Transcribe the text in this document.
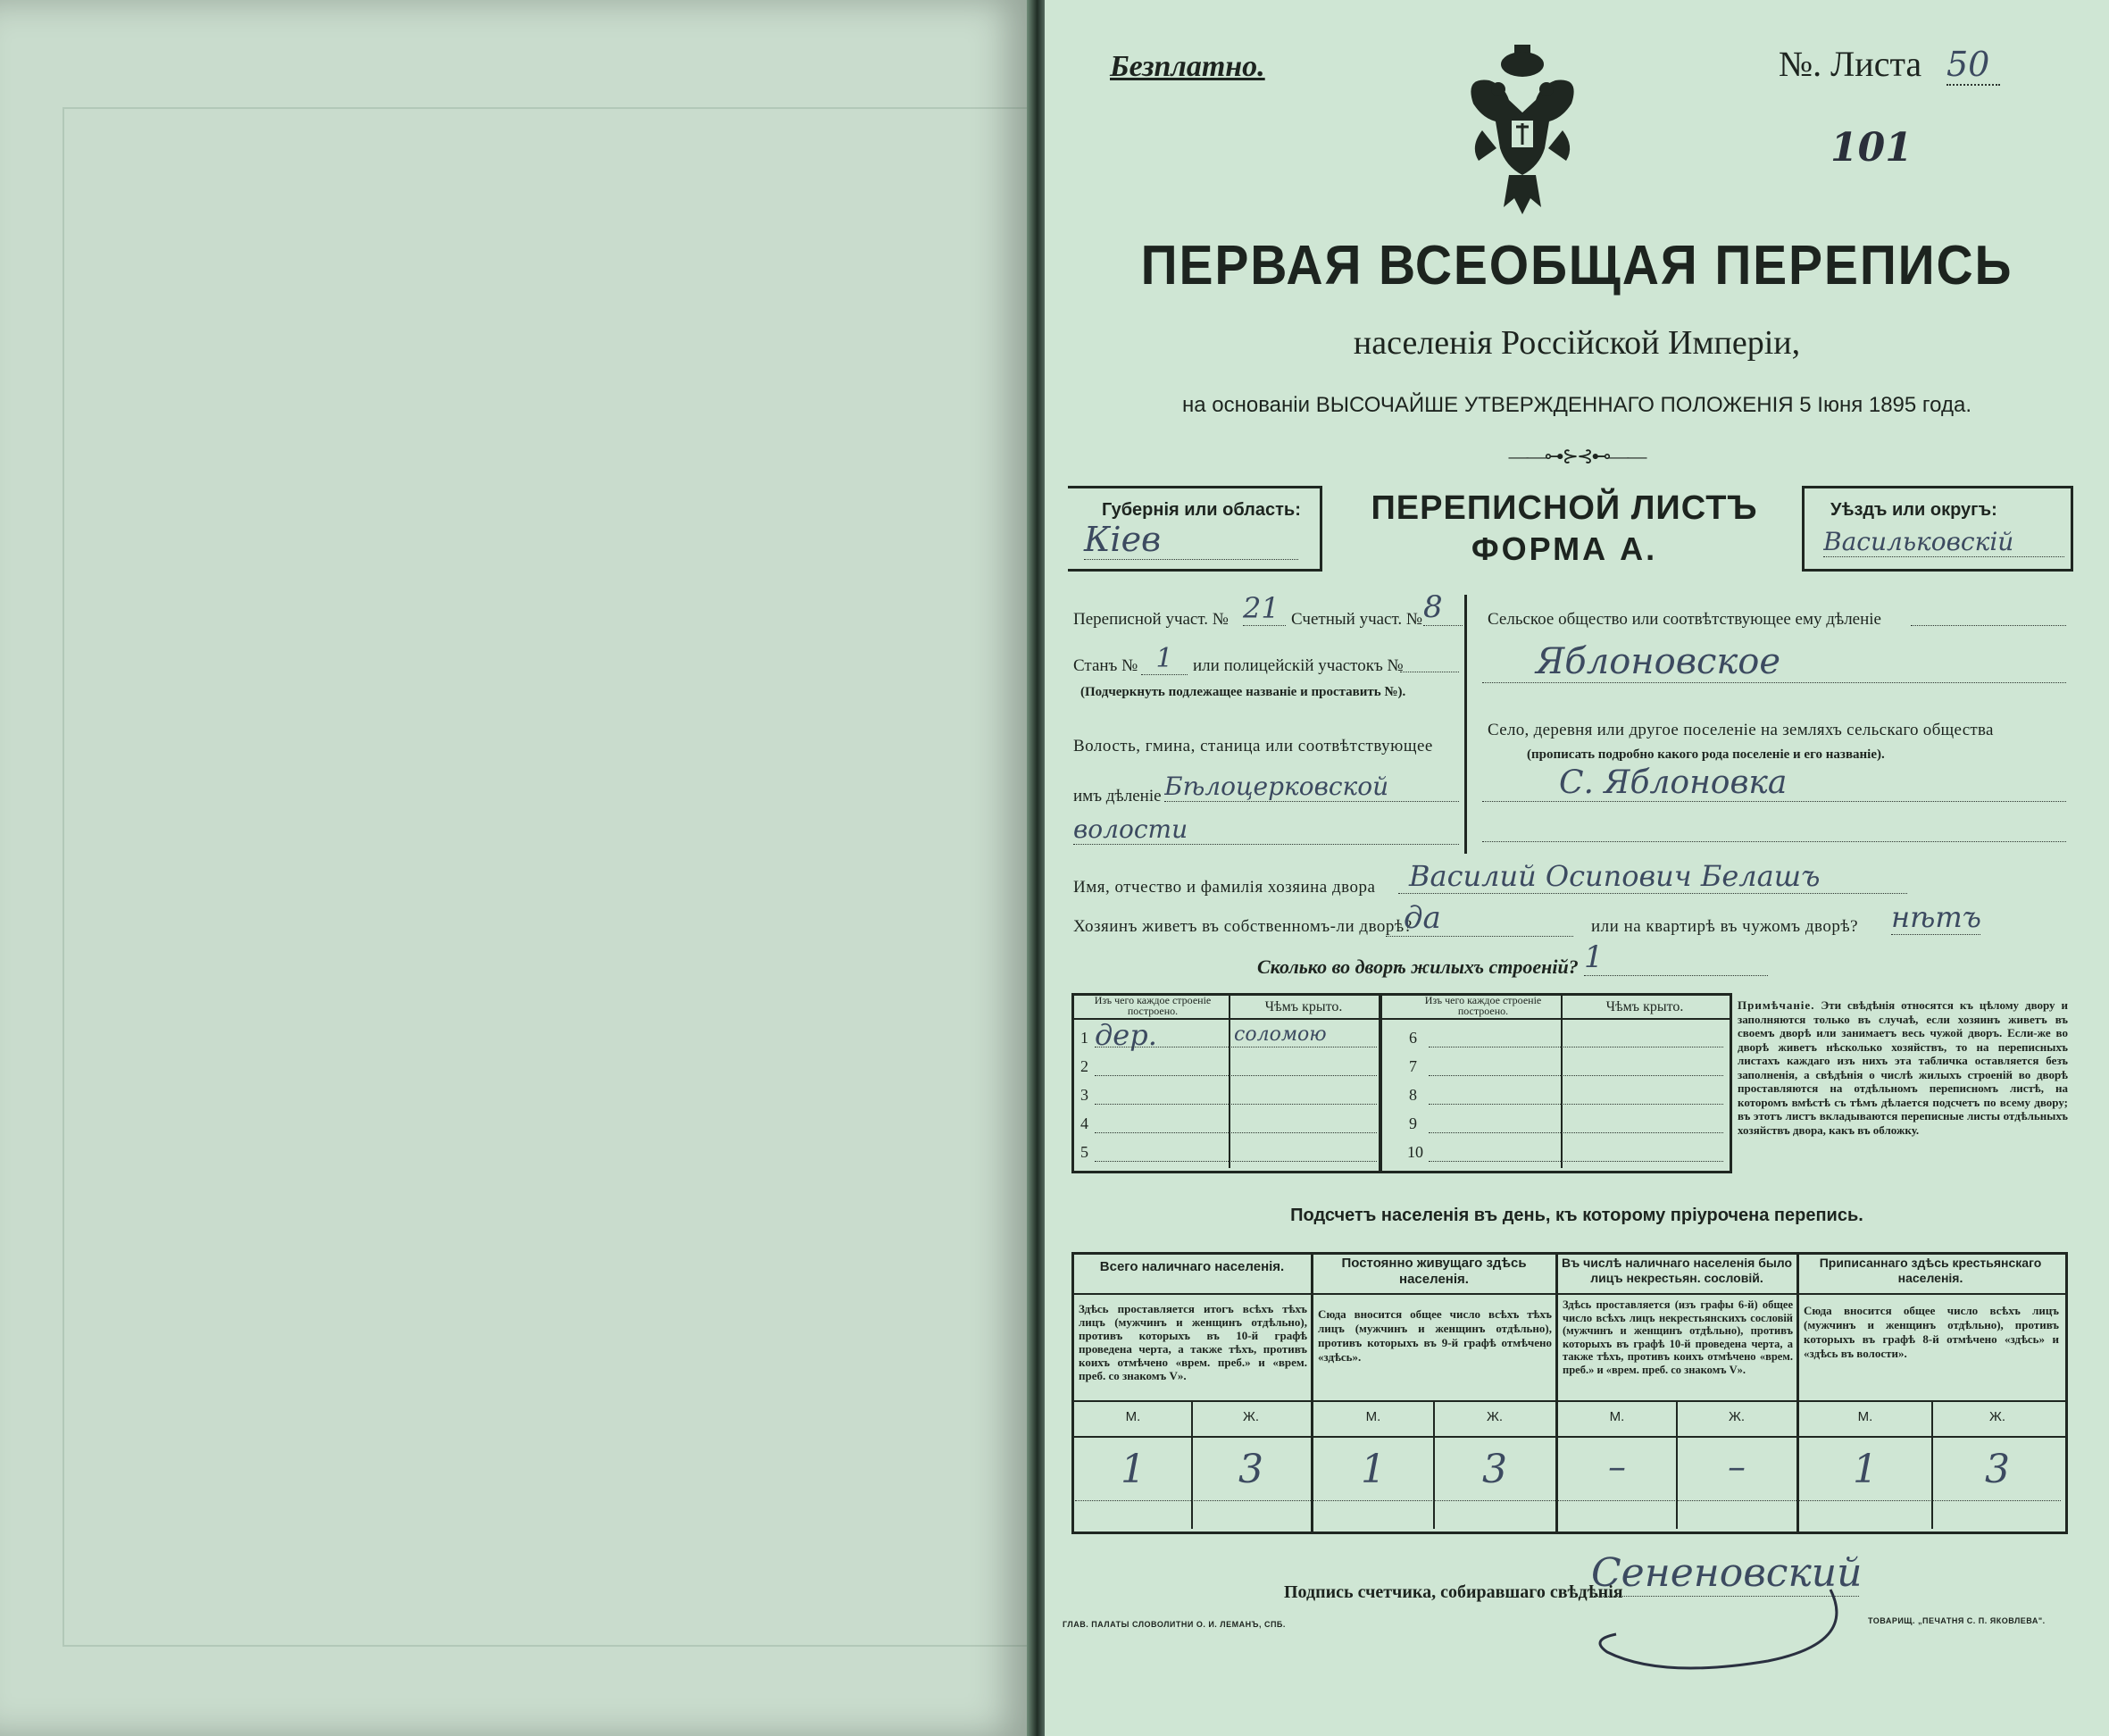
Безплатно.	№. Листа 50
101
ПЕРВАЯ ВСЕОБЩАЯ ПЕРЕПИСЬ
населенія Россійской Имперіи,
на основаніи ВЫСОЧАЙШЕ УТВЕРЖДЕННАГО ПОЛОЖЕНІЯ 5 Іюня 1895 года.
——⊶⊱⊰⊷——
Губернія или область:
Кіев
ПЕРЕПИСНОЙ ЛИСТЪ
ФОРМА А.
Уѣздъ или округъ:
Васильковскій
Переписной участ. № 21 Счетный участ. № 8
Станъ № 1	или полицейскій участокъ №
(Подчеркнуть подлежащее названіе и проставить №).
Волость, гмина, станица или соотвѣтствующее
имъ дѣленіе Бѣлоцерковской
волости
Сельское общество или соотвѣтствующее ему дѣленіе
Яблоновское
Село, деревня или другое поселеніе на земляхъ сельскаго общества
(прописать подробно какого рода поселеніе и его названіе).
С. Яблоновка
Имя, отчество и фамилія хозяина двора	Василий Осипович Белашъ
Хозяинъ живетъ въ собственномъ-ли дворѣ?
да	или на квартирѣ въ чужомъ дворѣ? нѣтъ
Сколько во дворѣ жилыхъ строеній? 1
Изъ чего каждое строеніе построено.	Чѣмъ крыто.	Изъ чего каждое строеніе построено.	Чѣмъ крыто.
1 дер.	соломою
2
3
4
5
6
7
8
9
10
Примѣчаніе. Эти свѣдѣнія относятся къ цѣлому двору и заполняются только въ случаѣ, если хозяинъ живетъ въ своемъ дворѣ или занимаетъ весь чужой дворъ. Если-же во дворѣ живетъ нѣсколько хозяйствъ, то на переписныхъ листахъ каждаго изъ нихъ эта табличка оставляется безъ заполненія, а свѣдѣнія о числѣ жилыхъ строеній во дворѣ проставляются на отдѣльномъ переписномъ листѣ, на которомъ вмѣстѣ съ тѣмъ дѣлается подсчетъ по всему двору; въ этотъ листъ вкладываются переписные листы отдѣльныхъ хозяйствъ двора, какъ въ обложку.
Подсчетъ населенія въ день, къ которому пріурочена перепись.
Всего наличнаго населенія.
Здѣсь проставляется итогъ всѣхъ тѣхъ лицъ (мужчинъ и женщинъ отдѣльно), противъ которыхъ въ 10-й графѣ проведена черта, а также тѣхъ, противъ коихъ отмѣчено «врем. преб.» и «врем. преб. со знакомъ V».
М.	Ж.
1	3
Постоянно живущаго здѣсь населенія.
Сюда вносится общее число всѣхъ тѣхъ лицъ (мужчинъ и женщинъ отдѣльно), противъ которыхъ въ 9-й графѣ отмѣчено «здѣсь».
М.	Ж.
1	3
Въ числѣ наличнаго населенія было лицъ некрестьян. сословій.
Здѣсь проставляется (изъ графы 6-й) общее число всѣхъ лицъ некрестьянскихъ сословій (мужчинъ и женщинъ отдѣльно), противъ которыхъ въ графѣ 10-й проведена черта, а также тѣхъ, противъ коихъ отмѣчено «врем. преб.» и «врем. преб. со знакомъ V».
М.	Ж.
–	–
Приписаннаго здѣсь крестьянскаго населенія.
Сюда вносится общее число всѣхъ лицъ (мужчинъ и женщинъ отдѣльно), противъ которыхъ въ графѣ 8-й отмѣчено «здѣсь» и «здѣсь въ волости».
М.	Ж.
1	3
Подпись счетчика, собиравшаго свѣдѣнія
Сененовский
ГЛАВ. ПАЛАТЫ СЛОВОЛИТНИ О. И. ЛЕМАНЪ, СПБ.	ТОВАРИЩ. „ПЕЧАТНЯ С. П. ЯКОВЛЕВА".
